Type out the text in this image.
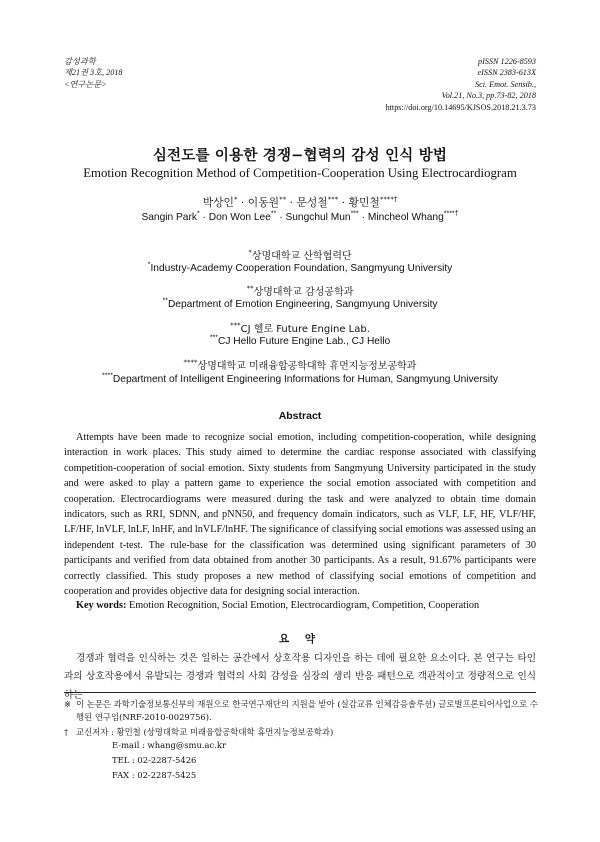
감성과학
제21권 3호, 2018
<연구논문>
pISSN 1226-8593
eISSN 2383-613X
Sci. Emot. Sensib.,
Vol.21, No.3, pp.73-82, 2018
https://doi.org/10.14695/KJSOS.2018.21.3.73
심전도를 이용한 경쟁−협력의 감성 인식 방법
Emotion Recognition Method of Competition-Cooperation Using Electrocardiogram
박상인* · 이동원** · 문성철*** · 황민철****†
Sangin Park* · Don Won Lee** · Sungchul Mun*** · Mincheol Whang****†
*상명대학교 산학협력단
*Industry-Academy Cooperation Foundation, Sangmyung University
**상명대학교 감성공학과
**Department of Emotion Engineering, Sangmyung University
***CJ 헬로 Future Engine Lab.
***CJ Hello Future Engine Lab., CJ Hello
****상명대학교 미래융합공학대학 휴먼지능정보공학과
****Department of Intelligent Engineering Informations for Human, Sangmyung University
Abstract
Attempts have been made to recognize social emotion, including competition-cooperation, while designing interaction in work places. This study aimed to determine the cardiac response associated with classifying competition-cooperation of social emotion. Sixty students from Sangmyung University participated in the study and were asked to play a pattern game to experience the social emotion associated with competition and cooperation. Electrocardiograms were measured during the task and were analyzed to obtain time domain indicators, such as RRI, SDNN, and pNN50, and frequency domain indicators, such as VLF, LF, HF, VLF/HF, LF/HF, lnVLF, lnLF, lnHF, and lnVLF/lnHF. The significance of classifying social emotions was assessed using an independent t-test. The rule-base for the classification was determined using significant parameters of 30 participants and verified from data obtained from another 30 participants. As a result, 91.67% participants were correctly classified. This study proposes a new method of classifying social emotions of competition and cooperation and provides objective data for designing social interaction.
Key words: Emotion Recognition, Social Emotion, Electrocardiogram, Competition, Cooperation
요 약
경쟁과 협력을 인식하는 것은 일하는 공간에서 상호작용 디자인을 하는 데에 필요한 요소이다. 본 연구는 타인과의 상호작용에서 유발되는 경쟁과 협력의 사회 감성을 심장의 생리 반응 패턴으로 객관적이고 정량적으로 인식하는
※ 이 논문은 과학기술정보통신부의 재원으로 한국연구재단의 지원을 받아 (실감교류 인체감응솔루션) 글로벌프론티어사업으로 수행된 연구임(NRF-2010-0029756).
† 교신저자 : 황민철 (상명대학교 미래융합공학대학 휴먼지능정보공학과)
E-mail : whang@smu.ac.kr
TEL : 02-2287-5426
FAX : 02-2287-5425
